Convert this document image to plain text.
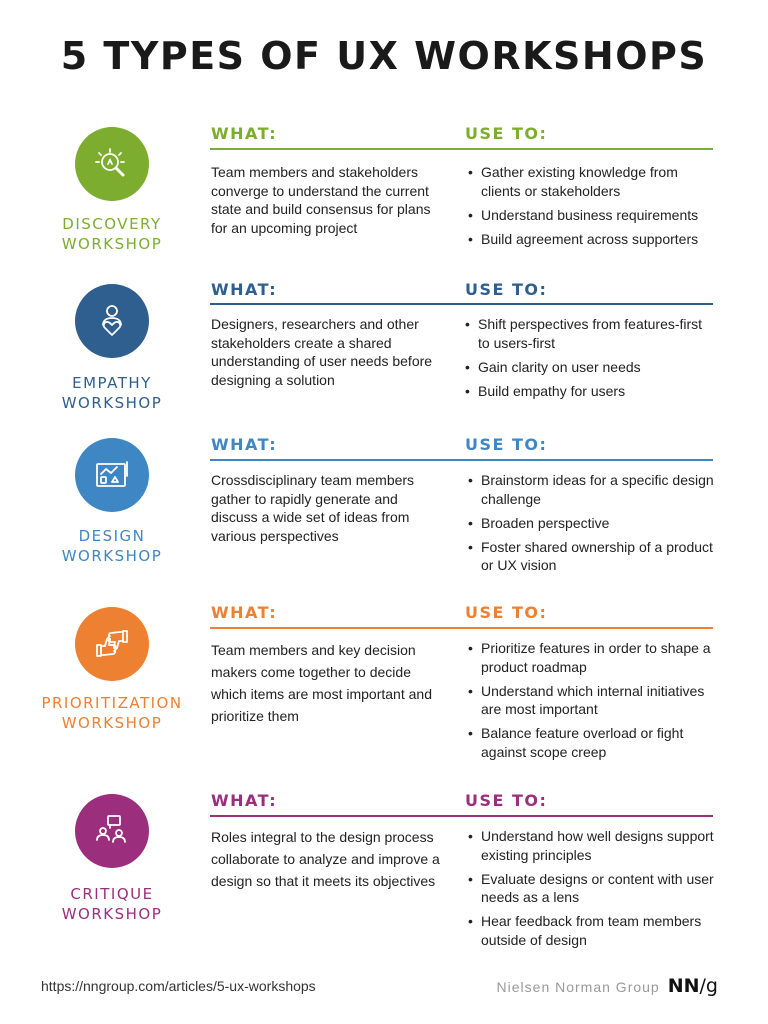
5 TYPES OF UX WORKSHOPS
DISCOVERY
WORKSHOP
WHAT:	USE TO:
Team members and stakeholders converge to understand the current state and build consensus for plans for an upcoming project
• Gather existing knowledge from clients or stakeholders
• Understand business requirements
• Build agreement across supporters
EMPATHY
WORKSHOP
WHAT:	USE TO:
Designers, researchers and other stakeholders create a shared understanding of user needs before designing a solution
• Shift perspectives from features-first to users-first
• Gain clarity on user needs
• Build empathy for users
DESIGN
WORKSHOP
WHAT:	USE TO:
Crossdisciplinary team members gather to rapidly generate and discuss a wide set of ideas from various perspectives
• Brainstorm ideas for a specific design challenge
• Broaden perspective
• Foster shared ownership of a product or UX vision
PRIORITIZATION
WORKSHOP
WHAT:	USE TO:
Team members and key decision makers come together to decide which items are most important and prioritize them
• Prioritize features in order to shape a product roadmap
• Understand which internal initiatives are most important
• Balance feature overload or fight against scope creep
CRITIQUE
WORKSHOP
WHAT:	USE TO:
Roles integral to the design process collaborate to analyze and improve a design so that it meets its objectives
• Understand how well designs support existing principles
• Evaluate designs or content with user needs as a lens
• Hear feedback from team members outside of design
https://nngroup.com/articles/5-ux-workshops	Nielsen Norman Group NN/g
